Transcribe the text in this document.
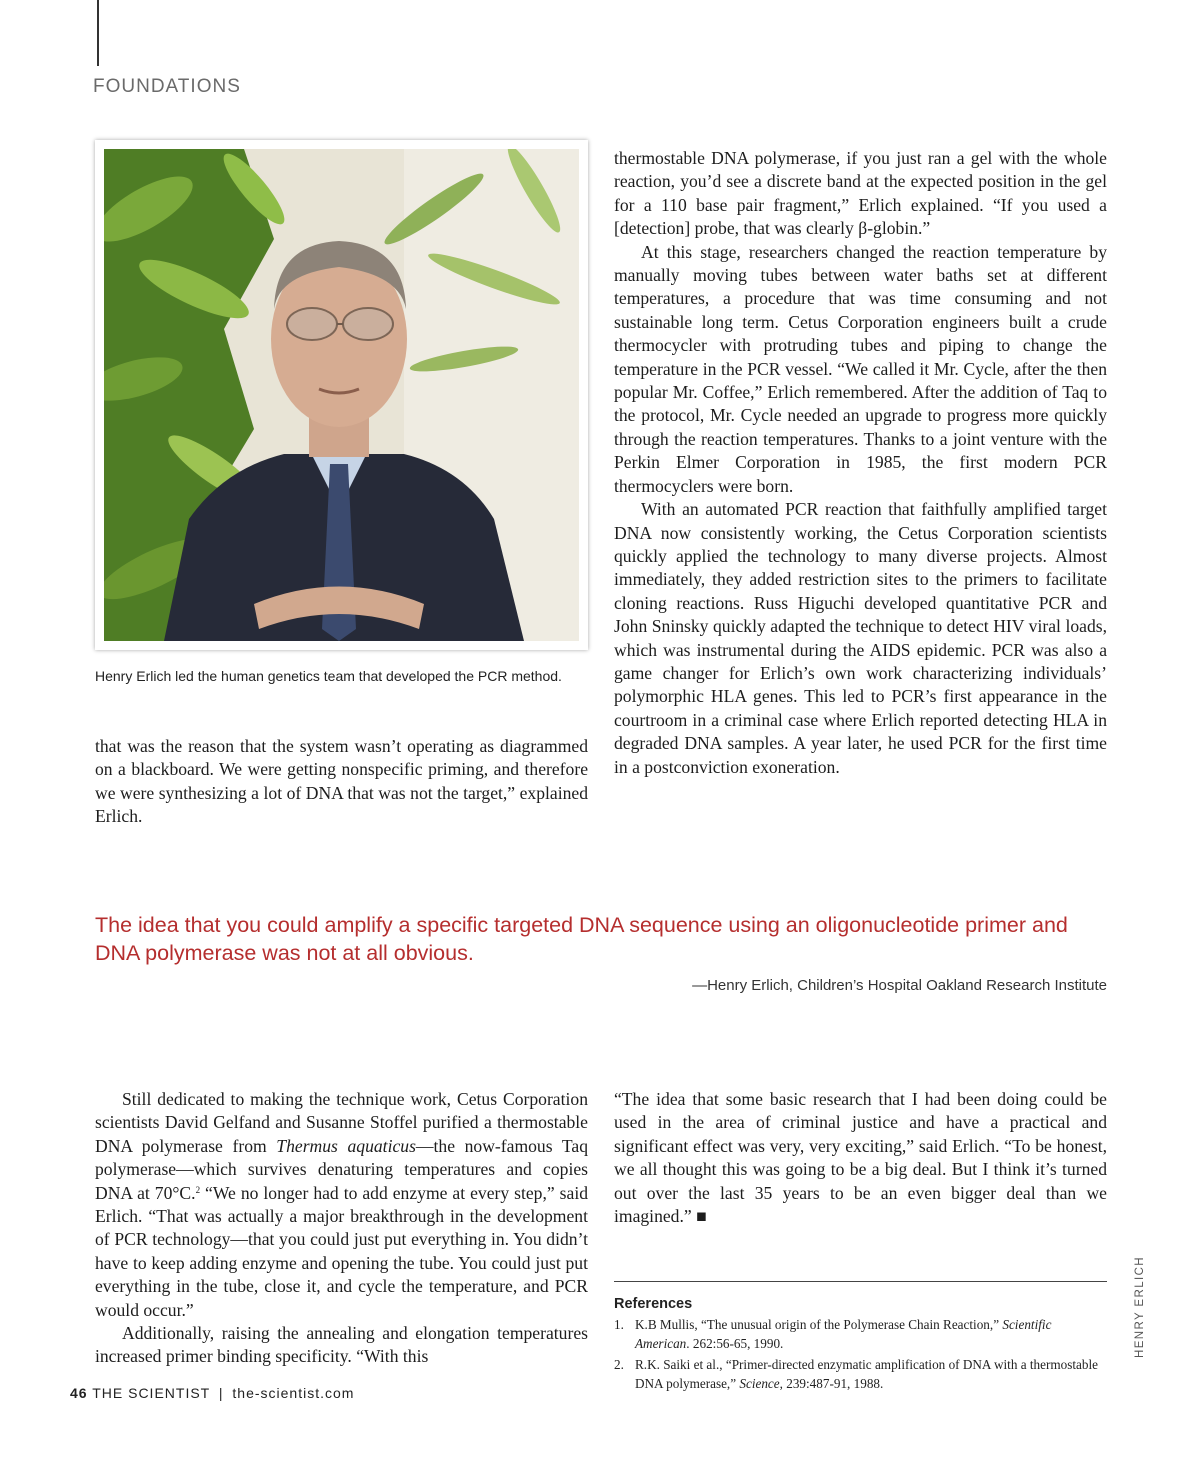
FOUNDATIONS
Henry Erlich led the human genetics team that developed the PCR method.

that was the reason that the system wasn’t operating as diagrammed on a blackboard. We were getting nonspecific priming, and therefore we were synthesizing a lot of DNA that was not the target,” explained Erlich.

thermostable DNA polymerase, if you just ran a gel with the whole reaction, you’d see a discrete band at the expected position in the gel for a 110 base pair fragment,” Erlich explained. “If you used a [detection] probe, that was clearly β-globin.”

At this stage, researchers changed the reaction temperature by manually moving tubes between water baths set at different temperatures, a procedure that was time consuming and not sustainable long term. Cetus Corporation engineers built a crude thermocycler with protruding tubes and piping to change the temperature in the PCR vessel. “We called it Mr. Cycle, after the then popular Mr. Coffee,” Erlich remembered. After the addition of Taq to the protocol, Mr. Cycle needed an upgrade to progress more quickly through the reaction temperatures. Thanks to a joint venture with the Perkin Elmer Corporation in 1985, the first modern PCR thermocyclers were born.

With an automated PCR reaction that faithfully amplified target DNA now consistently working, the Cetus Corporation scientists quickly applied the technology to many diverse projects. Almost immediately, they added restriction sites to the primers to facilitate cloning reactions. Russ Higuchi developed quantitative PCR and John Sninsky quickly adapted the technique to detect HIV viral loads, which was instrumental during the AIDS epidemic. PCR was also a game changer for Erlich’s own work characterizing individuals’ polymorphic HLA genes. This led to PCR’s first appearance in the courtroom in a criminal case where Erlich reported detecting HLA in degraded DNA samples. A year later, he used PCR for the first time in a postconviction exoneration.

The idea that you could amplify a specific targeted DNA sequence using an oligonucleotide primer and DNA polymerase was not at all obvious.
—Henry Erlich, Children’s Hospital Oakland Research Institute

Still dedicated to making the technique work, Cetus Corporation scientists David Gelfand and Susanne Stoffel purified a thermostable DNA polymerase from Thermus aquaticus—the now-famous Taq polymerase—which survives denaturing temperatures and copies DNA at 70°C.$^2$ “We no longer had to add enzyme at every step,” said Erlich. “That was actually a major breakthrough in the development of PCR technology—that you could just put everything in. You didn’t have to keep adding enzyme and opening the tube. You could just put everything in the tube, close it, and cycle the temperature, and PCR would occur.”

Additionally, raising the annealing and elongation temperatures increased primer binding specificity. “With this

“The idea that some basic research that I had been doing could be used in the area of criminal justice and have a practical and significant effect was very, very exciting,” said Erlich. “To be honest, we all thought this was going to be a big deal. But I think it’s turned out over the last 35 years to be an even bigger deal than we imagined.” ■

References
1. K.B Mullis, “The unusual origin of the Polymerase Chain Reaction,” Scientific American. 262:56-65, 1990.
2. R.K. Saiki et al., “Primer-directed enzymatic amplification of DNA with a thermostable DNA polymerase,” Science, 239:487-91, 1988.
HENRY ERLICH
46 THE SCIENTIST | the-scientist.com
